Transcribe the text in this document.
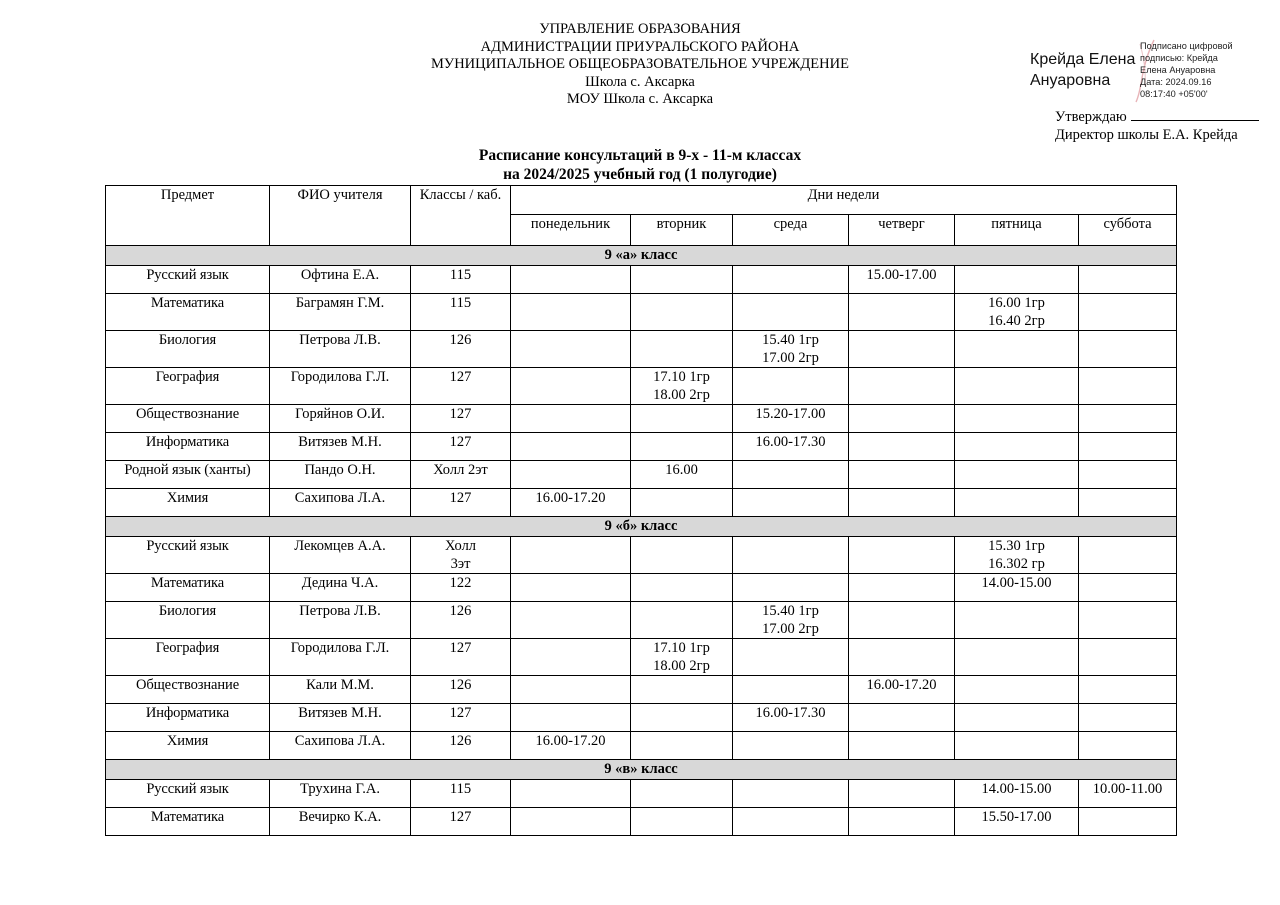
УПРАВЛЕНИЕ ОБРАЗОВАНИЯ
АДМИНИСТРАЦИИ ПРИУРАЛЬСКОГО РАЙОНА
МУНИЦИПАЛЬНОЕ ОБЩЕОБРАЗОВАТЕЛЬНОЕ УЧРЕЖДЕНИЕ
Школа с. Аксарка
МОУ Школа с. Аксарка
Крейда Елена
Ануаровна
Подписано цифровой
подписью: Крейда
Елена Ануаровна
Дата: 2024.09.16
08:17:40 +05'00'
Утверждаю
Директор школы Е.А. Крейда
Расписание консультаций в 9-х - 11-м классах
на 2024/2025 учебный год (1 полугодие)
Предмет	ФИО учителя	Классы / каб.	Дни недели					
			понедельник	вторник	среда	четверг	пятница	суббота
9 «а» класс								
Русский язык	Офтина Е.А.	115				15.00-17.00		
Математика	Баграмян Г.М.	115					16.00 1гр
16.40 2гр	

Биология	Петрова Л.В.	126			15.40 1гр
17.00 2гр			

География	Городилова Г.Л.	127		17.10 1гр
18.00 2гр				

Обществознание	Горяйнов О.И.	127			15.20-17.00			
Информатика	Витязев М.Н.	127			16.00-17.30			
Родной язык (ханты)	Пандо О.Н.	Холл 2эт		16.00				
Химия	Сахипова Л.А.	127	16.00-17.20					
9 «б» класс								
Русский язык	Лекомцев А.А.	Холл
3эт					15.30 1гр
16.302 гр	

Математика	Дедина Ч.А.	122					14.00-15.00	
Биология	Петрова Л.В.	126			15.40 1гр
17.00 2гр			

География	Городилова Г.Л.	127		17.10 1гр
18.00 2гр				

Обществознание	Кали М.М.	126				16.00-17.20		
Информатика	Витязев М.Н.	127			16.00-17.30			
Химия	Сахипова Л.А.	126	16.00-17.20					
9 «в» класс								
Русский язык	Трухина Г.А.	115					14.00-15.00	10.00-11.00
Математика	Вечирко К.А.	127					15.50-17.00	
